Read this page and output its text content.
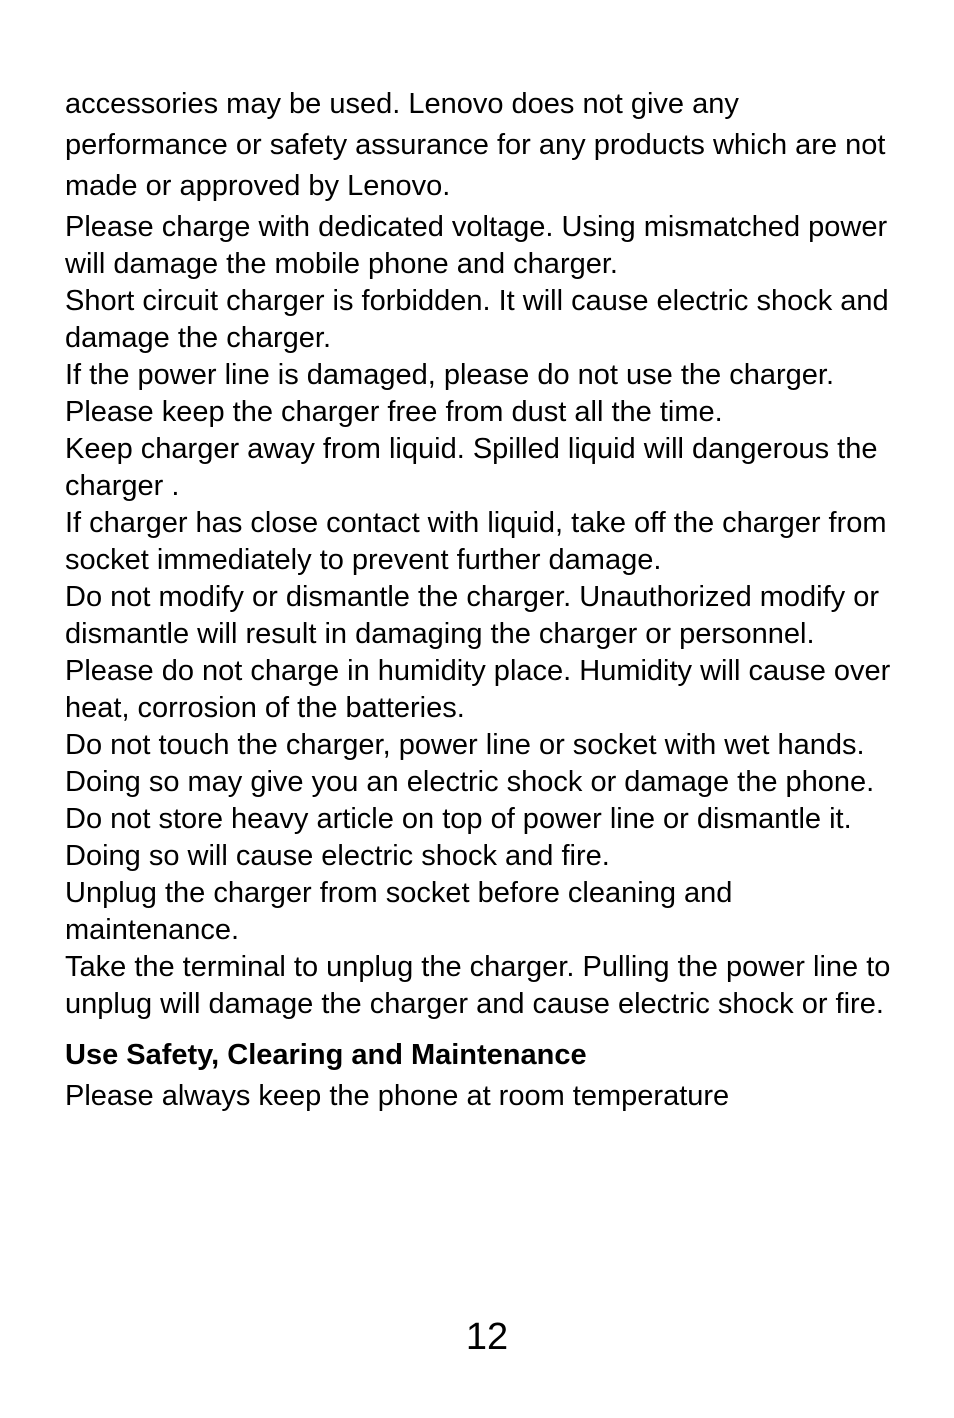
accessories may be used. Lenovo does not give any performance or safety assurance for any products which are not made or approved by Lenovo.

Please charge with dedicated voltage. Using mismatched power will damage the mobile phone and charger.

Short circuit charger is forbidden. It will cause electric shock and damage the charger.

If the power line is damaged, please do not use the charger.

Please keep the charger free from dust all the time.

Keep charger away from liquid. Spilled liquid will dangerous the charger .

If charger has close contact with liquid, take off the charger from socket immediately to prevent further damage.

Do not modify or dismantle the charger. Unauthorized modify or dismantle will result in damaging the charger or personnel.

Please do not charge in humidity place. Humidity will cause over heat, corrosion of the batteries.

Do not touch the charger, power line or socket with wet hands. Doing so may give you an electric shock or damage the phone.

Do not store heavy article on top of power line or dismantle it. Doing so will cause electric shock and fire.

Unplug the charger from socket before cleaning and maintenance.

Take the terminal to unplug the charger. Pulling the power line to unplug will damage the charger and cause electric shock or fire.

Use Safety, Clearing and Maintenance

Please always keep the phone at room temperature

12
